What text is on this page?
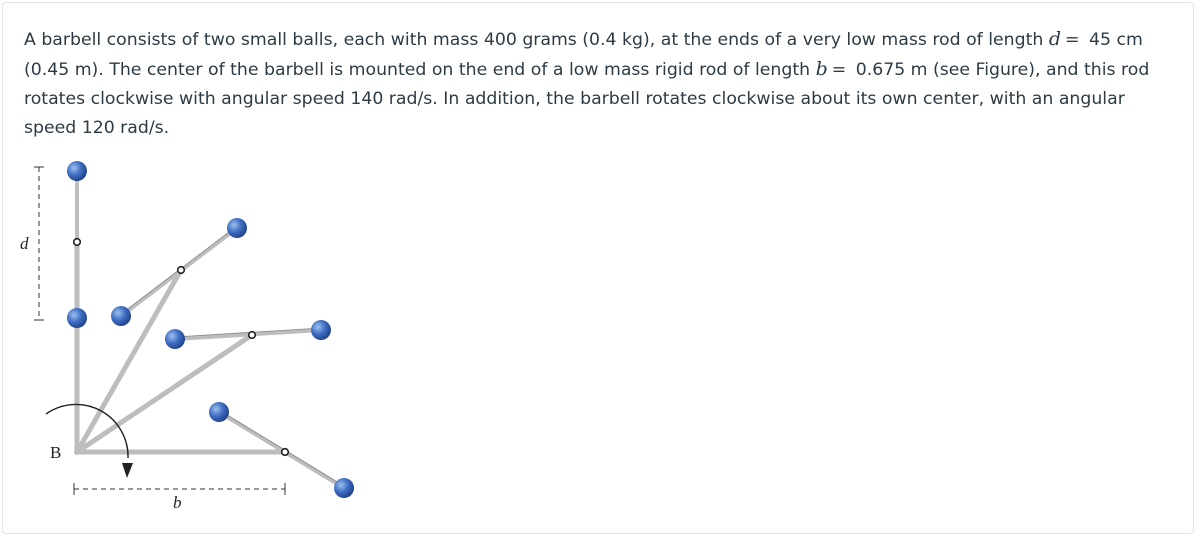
A barbell consists of two small balls, each with mass 400 grams (0.4 kg), at the ends of a very low mass rod of length d = 45 cm (0.45 m). The center of the barbell is mounted on the end of a low mass rigid rod of length b = 0.675 m (see Figure), and this rod rotates clockwise with angular speed 140 rad/s. In addition, the barbell rotates clockwise about its own center, with an angular speed 120 rad/s.

d
B
b
